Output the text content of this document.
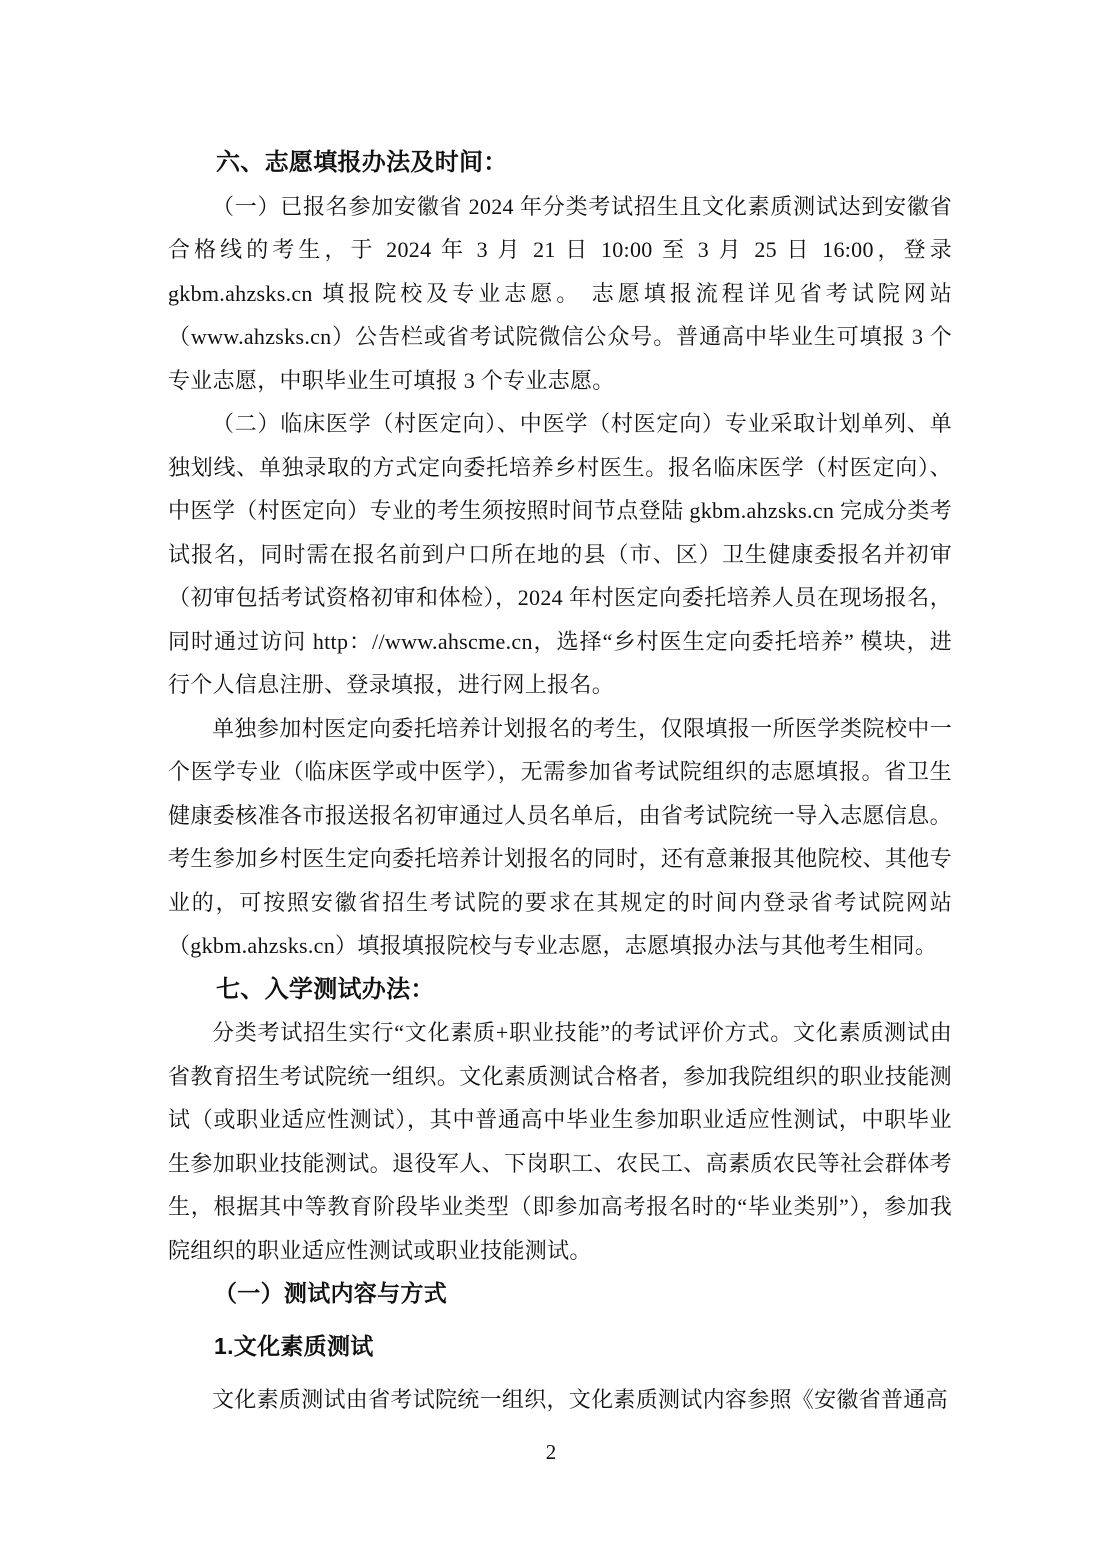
六、志愿填报办法及时间：

（一）已报名参加安徽省 2024 年分类考试招生且文化素质测试达到安徽省合格线的考生，于 2024 年 3 月 21 日 10:00 至 3 月 25 日 16:00，登录 gkbm.ahzsks.cn 填报院校及专业志愿。 志愿填报流程详见省考试院网站（www.ahzsks.cn）公告栏或省考试院微信公众号。普通高中毕业生可填报 3 个专业志愿，中职毕业生可填报 3 个专业志愿。

（二）临床医学（村医定向）、中医学（村医定向）专业采取计划单列、单独划线、单独录取的方式定向委托培养乡村医生。报名临床医学（村医定向）、中医学（村医定向）专业的考生须按照时间节点登陆 gkbm.ahzsks.cn 完成分类考试报名，同时需在报名前到户口所在地的县（市、区）卫生健康委报名并初审（初审包括考试资格初审和体检），2024 年村医定向委托培养人员在现场报名，同时通过访问 http：//www.ahscme.cn，选择“乡村医生定向委托培养” 模块，进行个人信息注册、登录填报，进行网上报名。

单独参加村医定向委托培养计划报名的考生，仅限填报一所医学类院校中一个医学专业（临床医学或中医学），无需参加省考试院组织的志愿填报。省卫生健康委核准各市报送报名初审通过人员名单后，由省考试院统一导入志愿信息。考生参加乡村医生定向委托培养计划报名的同时，还有意兼报其他院校、其他专业的，可按照安徽省招生考试院的要求在其规定的时间内登录省考试院网站（gkbm.ahzsks.cn）填报填报院校与专业志愿，志愿填报办法与其他考生相同。

七、入学测试办法：

分类考试招生实行“文化素质+职业技能”的考试评价方式。文化素质测试由省教育招生考试院统一组织。文化素质测试合格者，参加我院组织的职业技能测试（或职业适应性测试），其中普通高中毕业生参加职业适应性测试，中职毕业生参加职业技能测试。退役军人、下岗职工、农民工、高素质农民等社会群体考生，根据其中等教育阶段毕业类型（即参加高考报名时的“毕业类别”），参加我院组织的职业适应性测试或职业技能测试。

（一）测试内容与方式
1.文化素质测试

文化素质测试由省考试院统一组织，文化素质测试内容参照《安徽省普通高

2
